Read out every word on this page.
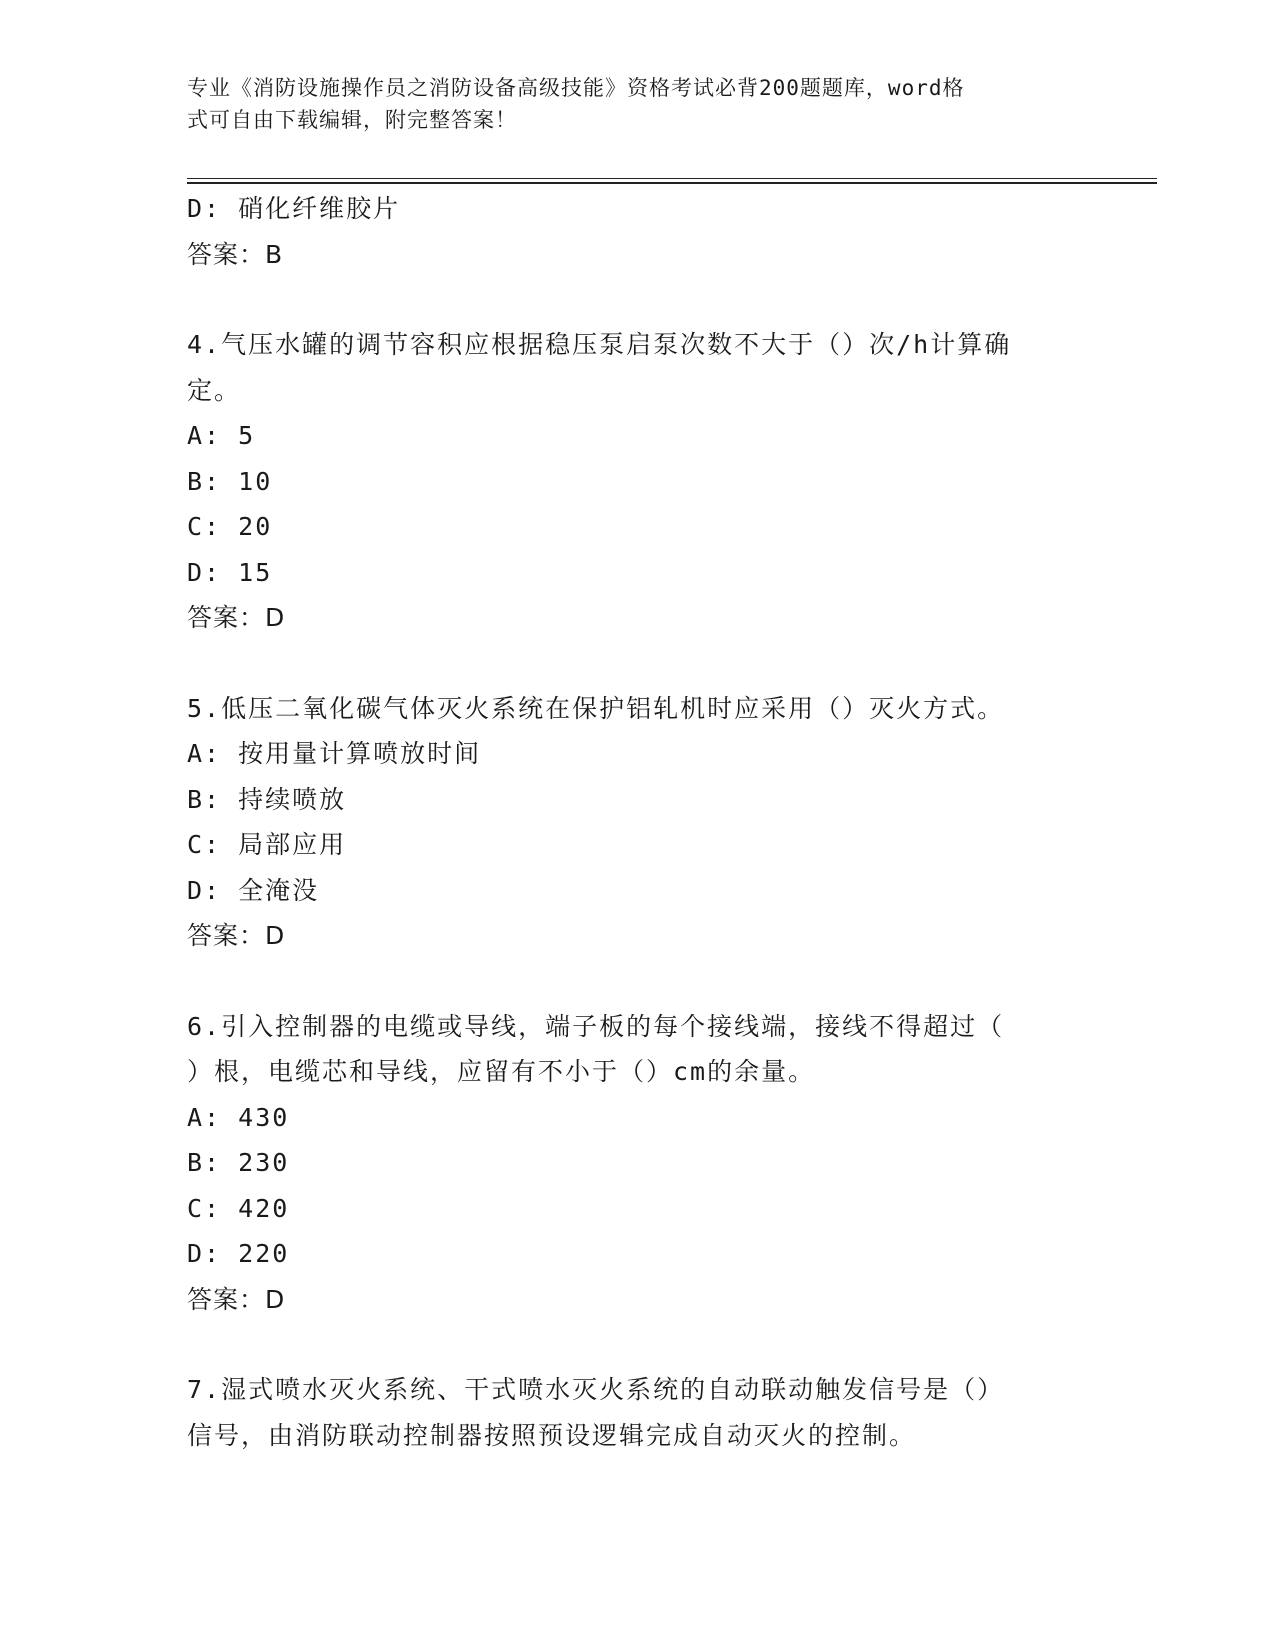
专业《消防设施操作员之消防设备高级技能》资格考试必背200题题库，word格
式可自由下载编辑，附完整答案！
D: 硝化纤维胶片
答案：B
4.气压水罐的调节容积应根据稳压泵启泵次数不大于（）次/h计算确
定。
A: 5
B: 10
C: 20
D: 15
答案：D
5.低压二氧化碳气体灭火系统在保护铝轧机时应采用（）灭火方式。
A: 按用量计算喷放时间
B: 持续喷放
C: 局部应用
D: 全淹没
答案：D
6.引入控制器的电缆或导线，端子板的每个接线端，接线不得超过（
）根，电缆芯和导线，应留有不小于（）cm的余量。
A: 430
B: 230
C: 420
D: 220
答案：D
7.湿式喷水灭火系统、干式喷水灭火系统的自动联动触发信号是（）
信号，由消防联动控制器按照预设逻辑完成自动灭火的控制。
